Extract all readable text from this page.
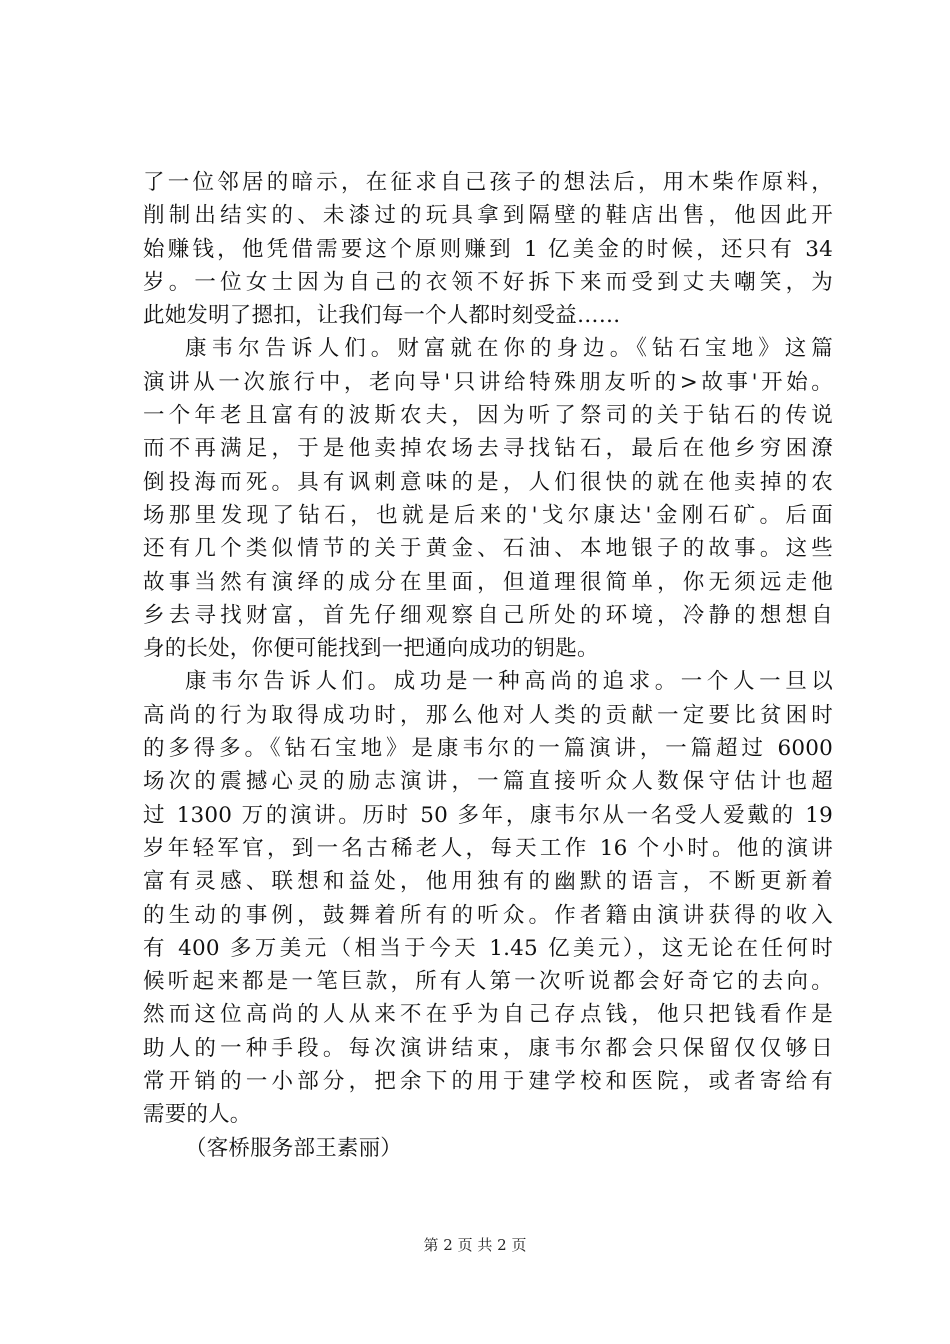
了一位邻居的暗示，在征求自己孩子的想法后，用木柴作原料，
削制出结实的、未漆过的玩具拿到隔壁的鞋店出售，他因此开
始赚钱，他凭借需要这个原则赚到 1 亿美金的时候，还只有 34
岁。一位女士因为自己的衣领不好拆下来而受到丈夫嘲笑，为
此她发明了摁扣，让我们每一个人都时刻受益……
康韦尔告诉人们。财富就在你的身边。《钻石宝地》这篇
演讲从一次旅行中，老向导'只讲给特殊朋友听的>故事'开始。
一个年老且富有的波斯农夫，因为听了祭司的关于钻石的传说
而不再满足，于是他卖掉农场去寻找钻石，最后在他乡穷困潦
倒投海而死。具有讽刺意味的是，人们很快的就在他卖掉的农
场那里发现了钻石，也就是后来的'戈尔康达'金刚石矿。后面
还有几个类似情节的关于黄金、石油、本地银子的故事。这些
故事当然有演绎的成分在里面，但道理很简单，你无须远走他
乡去寻找财富，首先仔细观察自己所处的环境，冷静的想想自
身的长处，你便可能找到一把通向成功的钥匙。
康韦尔告诉人们。成功是一种高尚的追求。一个人一旦以
高尚的行为取得成功时，那么他对人类的贡献一定要比贫困时
的多得多。《钻石宝地》是康韦尔的一篇演讲，一篇超过 6000
场次的震撼心灵的励志演讲，一篇直接听众人数保守估计也超
过 1300 万的演讲。历时 50 多年，康韦尔从一名受人爱戴的 19
岁年轻军官，到一名古稀老人，每天工作 16 个小时。他的演讲
富有灵感、联想和益处，他用独有的幽默的语言，不断更新着
的生动的事例，鼓舞着所有的听众。作者籍由演讲获得的收入
有 400 多万美元（相当于今天 1.45 亿美元），这无论在任何时
候听起来都是一笔巨款，所有人第一次听说都会好奇它的去向。
然而这位高尚的人从来不在乎为自己存点钱，他只把钱看作是
助人的一种手段。每次演讲结束，康韦尔都会只保留仅仅够日
常开销的一小部分，把余下的用于建学校和医院，或者寄给有
需要的人。
（客桥服务部王素丽）
第 2 页 共 2 页
